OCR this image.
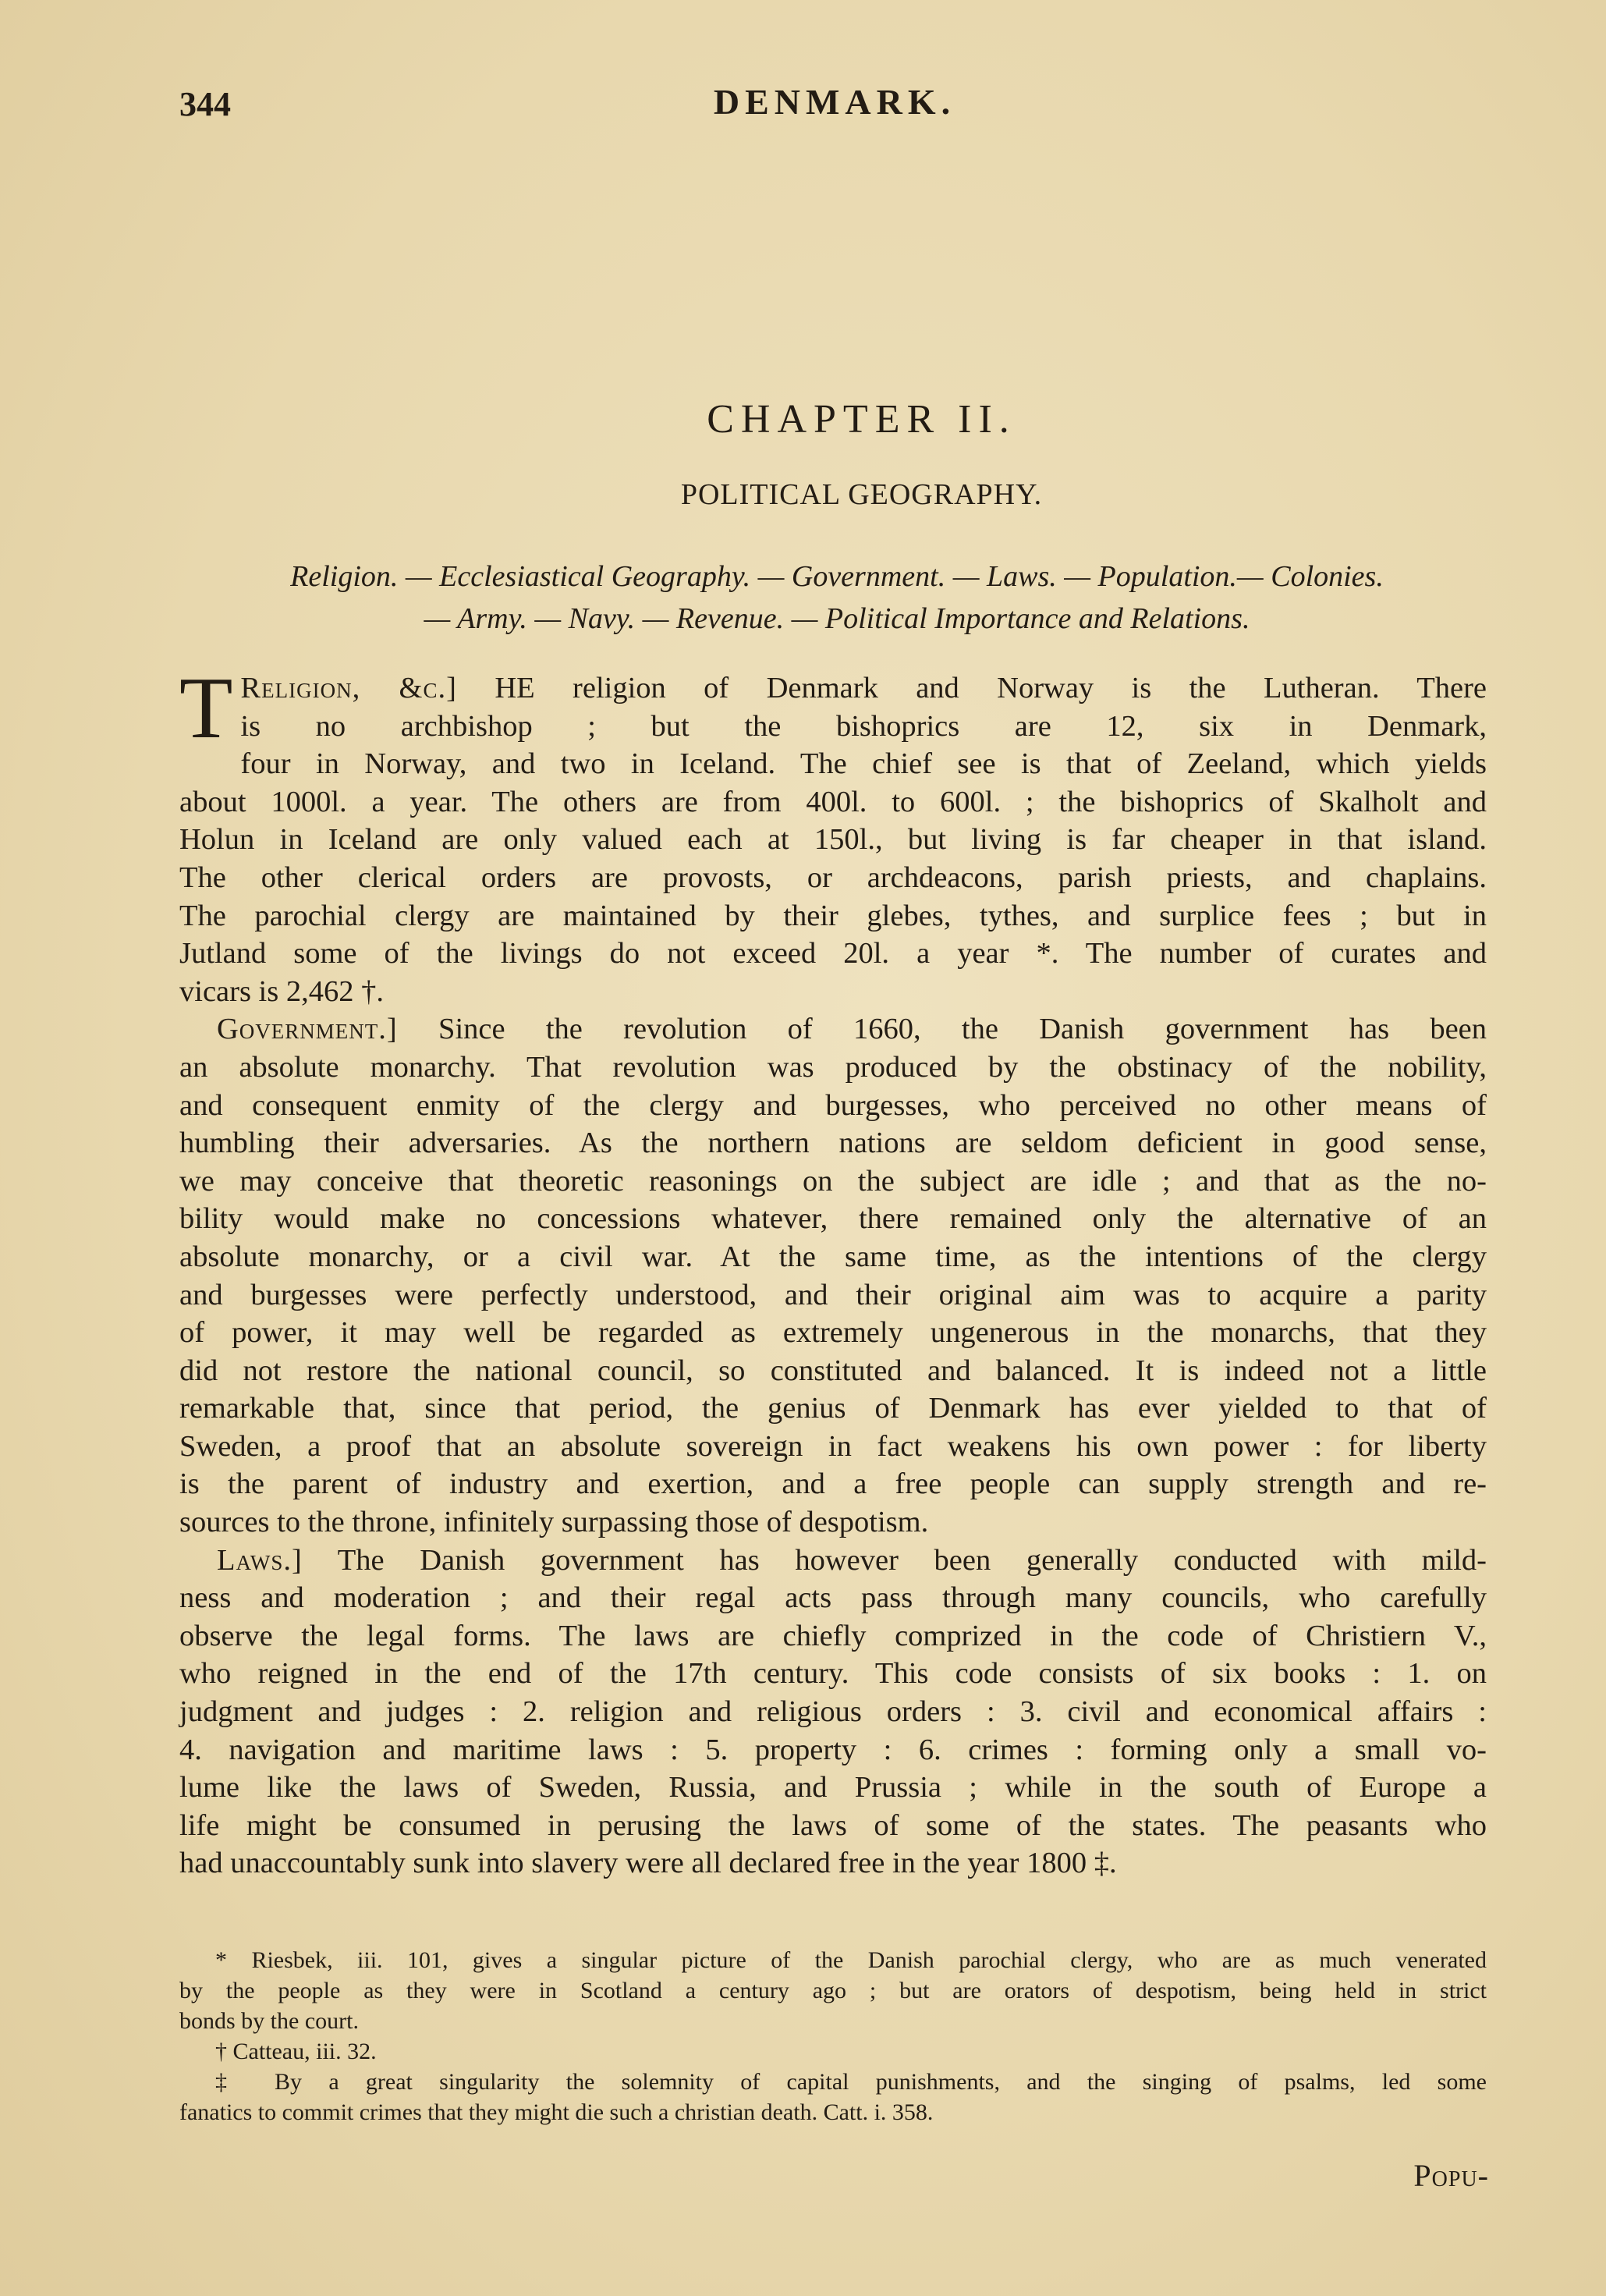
344	DENMARK.
CHAPTER II.
POLITICAL GEOGRAPHY.

Religion. — Ecclesiastical Geography. — Government. — Laws. — Population.— Colonies.

— Army. — Navy. — Revenue. — Political Importance and Relations.

Religion, &c.]
T	HE religion of Denmark and Norway is the Lutheran. There
is no archbishop ; but the bishoprics are 12, six in Denmark,
four in Norway, and two in Iceland. The chief see is that of Zeeland, which yields
about 1000l. a year. The others are from 400l. to 600l. ; the bishoprics of Skalholt and
Holun in Iceland are only valued each at 150l., but living is far cheaper in that island.
The other clerical orders are provosts, or archdeacons, parish priests, and chaplains.
The parochial clergy are maintained by their glebes, tythes, and surplice fees ; but in
Jutland some of the livings do not exceed 20l. a year *. The number of curates and
vicars is 2,462 †.
Government.] Since the revolution of 1660, the Danish government has been
an absolute monarchy. That revolution was produced by the obstinacy of the nobility,
and consequent enmity of the clergy and burgesses, who perceived no other means of
humbling their adversaries. As the northern nations are seldom deficient in good sense,
we may conceive that theoretic reasonings on the subject are idle ; and that as the no-
bility would make no concessions whatever, there remained only the alternative of an
absolute monarchy, or a civil war. At the same time, as the intentions of the clergy
and burgesses were perfectly understood, and their original aim was to acquire a parity
of power, it may well be regarded as extremely ungenerous in the monarchs, that they
did not restore the national council, so constituted and balanced. It is indeed not a little
remarkable that, since that period, the genius of Denmark has ever yielded to that of
Sweden, a proof that an absolute sovereign in fact weakens his own power : for liberty
is the parent of industry and exertion, and a free people can supply strength and re-
sources to the throne, infinitely surpassing those of despotism.
Laws.] The Danish government has however been generally conducted with mild-
ness and moderation ; and their regal acts pass through many councils, who carefully
observe the legal forms. The laws are chiefly comprized in the code of Christiern V.,
who reigned in the end of the 17th century. This code consists of six books : 1. on
judgment and judges : 2. religion and religious orders : 3. civil and economical affairs :
4. navigation and maritime laws : 5. property : 6. crimes : forming only a small vo-
lume like the laws of Sweden, Russia, and Prussia ; while in the south of Europe a
life might be consumed in perusing the laws of some of the states. The peasants who
had unaccountably sunk into slavery were all declared free in the year 1800 ‡.
* Riesbek, iii. 101, gives a singular picture of the Danish parochial clergy, who are as much venerated
by the people as they were in Scotland a century ago ; but are orators of despotism, being held in strict
bonds by the court.
† Catteau, iii. 32.
‡ By a great singularity the solemnity of capital punishments, and the singing of psalms, led some
fanatics to commit crimes that they might die such a christian death. Catt. i. 358.
Popu-
